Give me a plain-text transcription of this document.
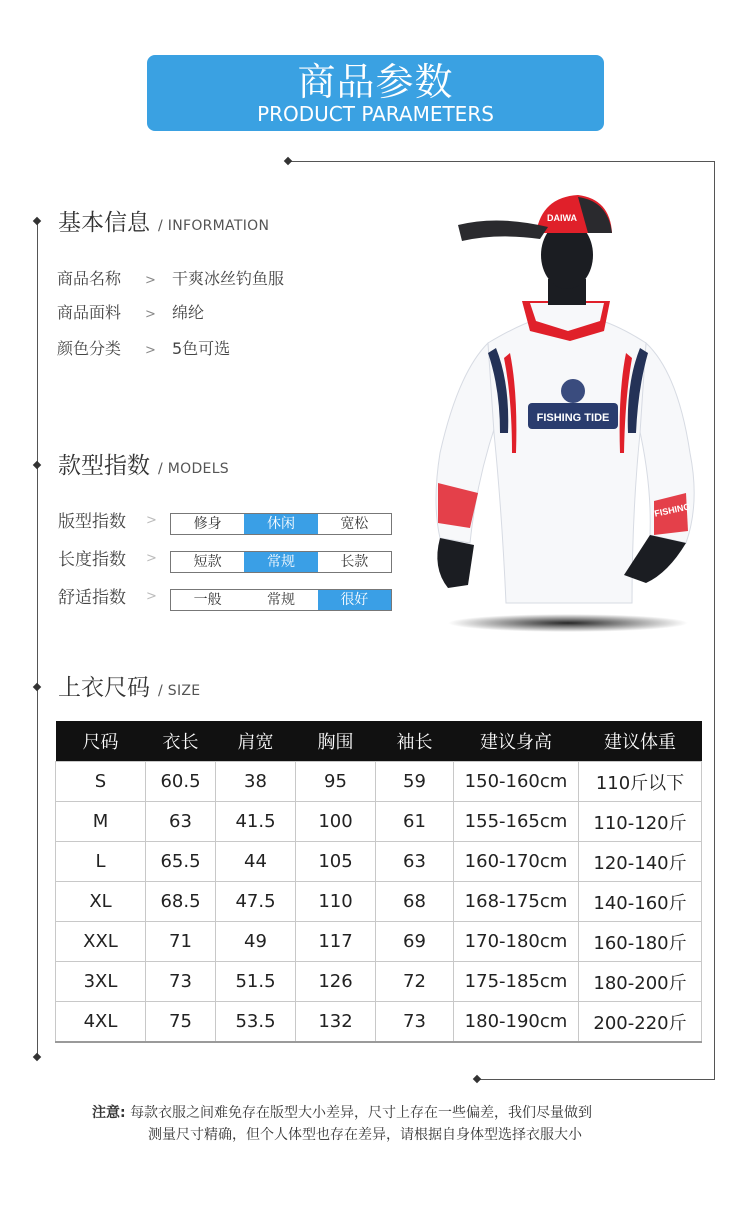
商品参数
PRODUCT PARAMETERS
基本信息 / INFORMATION
商品名称 > 干爽冰丝钓鱼服
商品面料 > 绵纶
颜色分类 > 5色可选
款型指数 / MODELS
版型指数 >	修身	休闲	宽松
长度指数 >	短款	常规	长款
舒适指数 >	一般	常规	很好
FISHING TIDE
FISHING
DAIWA
上衣尺码 / SIZE
尺码	衣长	肩宽	胸围	袖长	建议身高	建议体重
S	60.5	38	95	59	150-160cm	110斤以下
M	63	41.5	100	61	155-165cm	110-120斤
L	65.5	44	105	63	160-170cm	120-140斤
XL	68.5	47.5	110	68	168-175cm	140-160斤
XXL	71	49	117	69	170-180cm	160-180斤
3XL	73	51.5	126	72	175-185cm	180-200斤
4XL	75	53.5	132	73	180-190cm	200-220斤
注意: 每款衣服之间难免存在版型大小差异，尺寸上存在一些偏差，我们尽量做到
测量尺寸精确，但个人体型也存在差异，请根据自身体型选择衣服大小
